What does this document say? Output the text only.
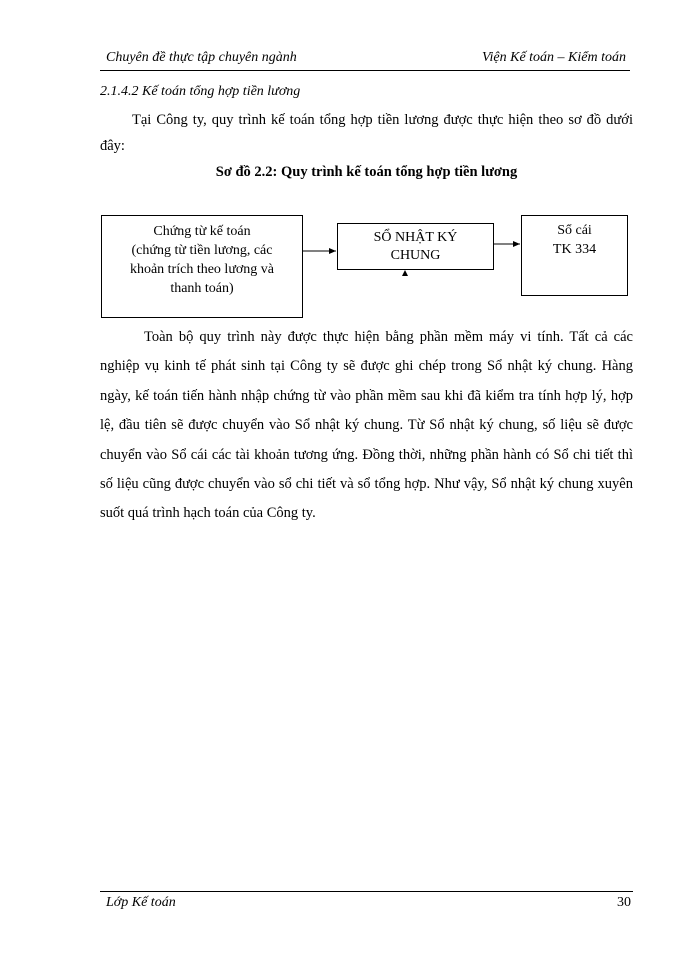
Chuyên đề thực tập chuyên ngành	Viện Kế toán – Kiểm toán
2.1.4.2 Kế toán tổng hợp tiền lương

Tại Công ty, quy trình kế toán tổng hợp tiền lương được thực hiện theo sơ đồ dưới đây:

Sơ đồ 2.2: Quy trình kế toán tổng hợp tiền lương
Chứng từ kế toán
(chứng từ tiền lương, các
khoản trích theo lương và
thanh toán)
SỔ NHẬT KÝ
CHUNG
Sổ cái
TK 334

Toàn bộ quy trình này được thực hiện bằng phần mềm máy vi tính. Tất cả các nghiệp vụ kinh tế phát sinh tại Công ty sẽ được ghi chép trong Sổ nhật ký chung. Hàng ngày, kế toán tiến hành nhập chứng từ vào phần mềm sau khi đã kiểm tra tính hợp lý, hợp lệ, đầu tiên sẽ được chuyển vào Sổ nhật ký chung. Từ Sổ nhật ký chung, số liệu sẽ được chuyển vào Sổ cái các tài khoản tương ứng. Đồng thời, những phần hành có Sổ chi tiết thì số liệu cũng được chuyển vào sổ chi tiết và sổ tổng hợp. Như vậy, Sổ nhật ký chung xuyên suốt quá trình hạch toán của Công ty.

Lớp Kế toán	30
